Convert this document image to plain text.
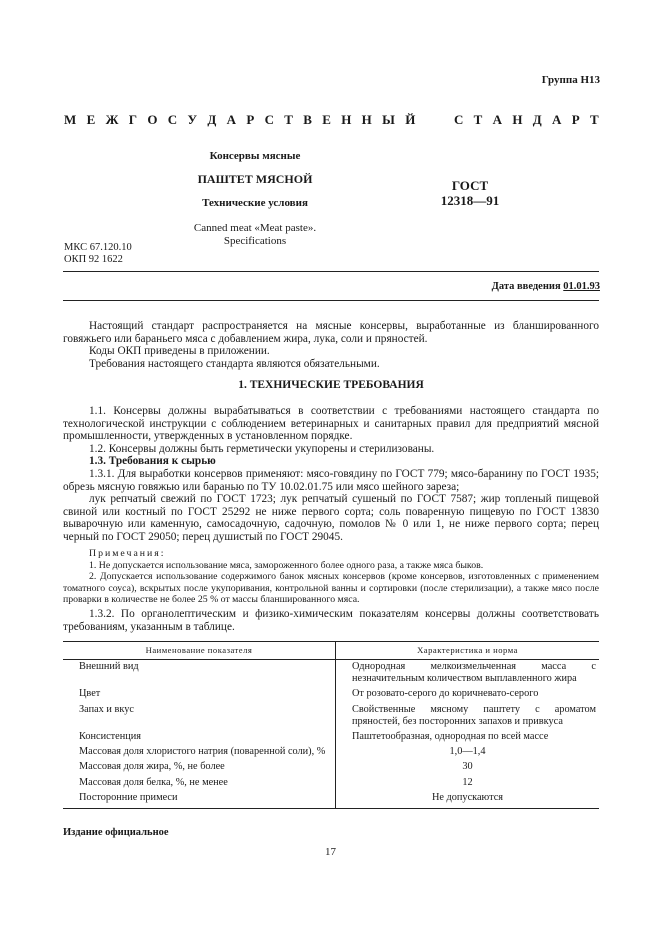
Группа Н13
М Е Ж Г О С У Д А Р С Т В Е Н Н Ы Й	С Т А Н Д А Р Т
Консервы мясные
ПАШТЕТ МЯСНОЙ
Технические условия
Canned meat «Meat paste».
Specifications
ГОСТ
12318—91
МКС 67.120.10
ОКП 92 1622
Дата введения 01.01.93

Настоящий стандарт распространяется на мясные консервы, выработанные из бланшированного говяжьего или бараньего мяса с добавлением жира, лука, соли и пряностей.

Коды ОКП приведены в приложении.

Требования настоящего стандарта являются обязательными.

1. ТЕХНИЧЕСКИЕ ТРЕБОВАНИЯ

1.1. Консервы должны вырабатываться в соответствии с требованиями настоящего стандарта по технологической инструкции с соблюдением ветеринарных и санитарных правил для предприятий мясной промышленности, утвержденных в установленном порядке.

1.2. Консервы должны быть герметически укупорены и стерилизованы.

1.3. Требования к сырью

1.3.1. Для выработки консервов применяют: мясо-говядину по ГОСТ 779; мясо-баранину по ГОСТ 1935; обрезь мясную говяжью или баранью по ТУ 10.02.01.75 или мясо шейного зареза;

лук репчатый свежий по ГОСТ 1723; лук репчатый сушеный по ГОСТ 7587; жир топленый пищевой свиной или костный по ГОСТ 25292 не ниже первого сорта; соль поваренную пищевую по ГОСТ 13830 выварочную или каменную, самосадочную, садочную, помолов № 0 или 1, не ниже первого сорта; перец черный по ГОСТ 29050; перец душистый по ГОСТ 29045.

Примечания:

1. Не допускается использование мяса, замороженного более одного раза, а также мяса быков.

2. Допускается использование содержимого банок мясных консервов (кроме консервов, изготовленных с применением томатного соуса), вскрытых после укупоривания, контрольной ванны и сортировки (после стерилизации), а также мясо после проварки в количестве не более 25 % от массы бланшированного мяса.

1.3.2. По органолептическим и физико-химическим показателям консервы должны соответствовать требованиям, указанным в таблице.

Наименование показателя	Характеристика и норма
Внешний вид	Однородная мелкоизмельченная масса с незначительным количеством выплавленного жира
Цвет	От розовато-серого до коричневато-серого
Запах и вкус	Свойственные мясному паштету с ароматом пряностей, без посторонних запахов и привкуса
Консистенция	Паштетообразная, однородная по всей массе
Массовая доля хлористого натрия (поваренной соли), %	1,0—1,4
Массовая доля жира, %, не более	30
Массовая доля белка, %, не менее	12
Посторонние примеси	Не допускаются
Издание официальное
17
